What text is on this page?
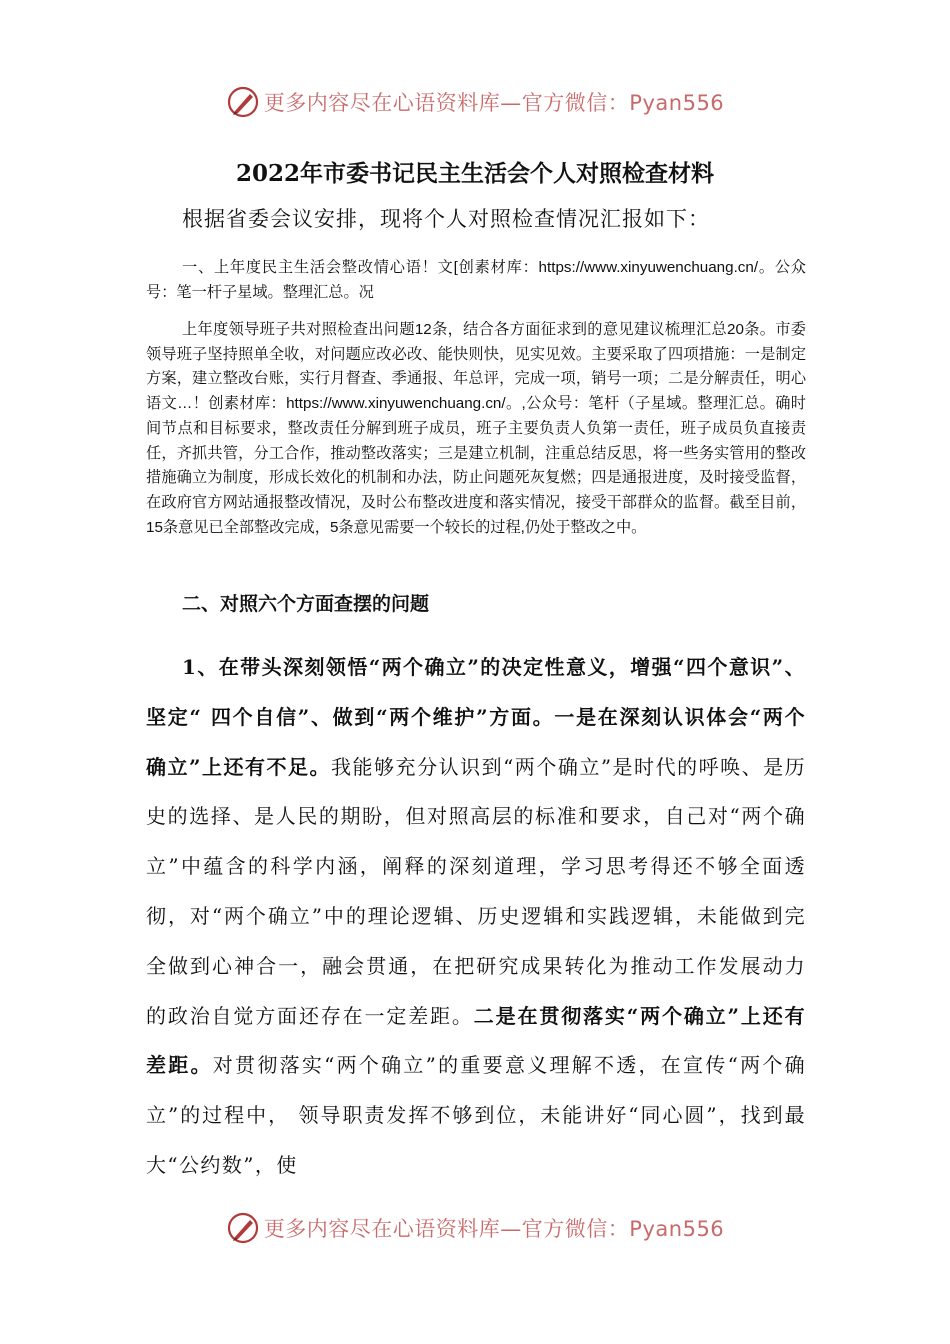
更多内容尽在心语资料库—官方微信：Pyan556
2022年市委书记民主生活会个人对照检查材料
根据省委会议安排，现将个人对照检查情况汇报如下：

一、上年度民主生活会整改情心语！文[创素材库：https://www.xinyuwenchuang.cn/。公众号：笔一杆子星域。整理汇总。况

上年度领导班子共对照检查出问题12条，结合各方面征求到的意见建议梳理汇总20条。市委领导班子坚持照单全收，对问题应改必改、能快则快，见实见效。主要采取了四项措施：一是制定方案，建立整改台账，实行月督查、季通报、年总评，完成一项，销号一项；二是分解责任，明心语文…！创素材库：https://www.xinyuwenchuang.cn/。,公众号：笔杆（子星域。整理汇总。确时间节点和目标要求，整改责任分解到班子成员，班子主要负责人负第一责任，班子成员负直接责任，齐抓共管，分工合作，推动整改落实；三是建立机制，注重总结反思，将一些务实管用的整改措施确立为制度，形成长效化的机制和办法，防止问题死灰复燃；四是通报进度，及时接受监督，在政府官方网站通报整改情况，及时公布整改进度和落实情况，接受干部群众的监督。截至目前，15条意见已全部整改完成，5条意见需要一个较长的过程,仍处于整改之中。

二、对照六个方面查摆的问题

1、在带头深刻领悟“两个确立”的决定性意义，增强“四个意识”、坚定“ 四个自信”、做到“两个维护”方面。一是在深刻认识体会“两个确立”上还有不足。我能够充分认识到“两个确立”是时代的呼唤、是历史的选择、是人民的期盼，但对照高层的标准和要求，自己对“两个确立”中蕴含的科学内涵，阐释的深刻道理，学习思考得还不够全面透彻，对“两个确立”中的理论逻辑、历史逻辑和实践逻辑，未能做到完全做到心神合一，融会贯通，在把研究成果转化为推动工作发展动力的政治自觉方面还存在一定差距。二是在贯彻落实“两个确立”上还有差距。对贯彻落实“两个确立”的重要意义理解不透，在宣传“两个确立”的过程中， 领导职责发挥不够到位，未能讲好“同心圆”，找到最大“公约数”，使

更多内容尽在心语资料库—官方微信：Pyan556
